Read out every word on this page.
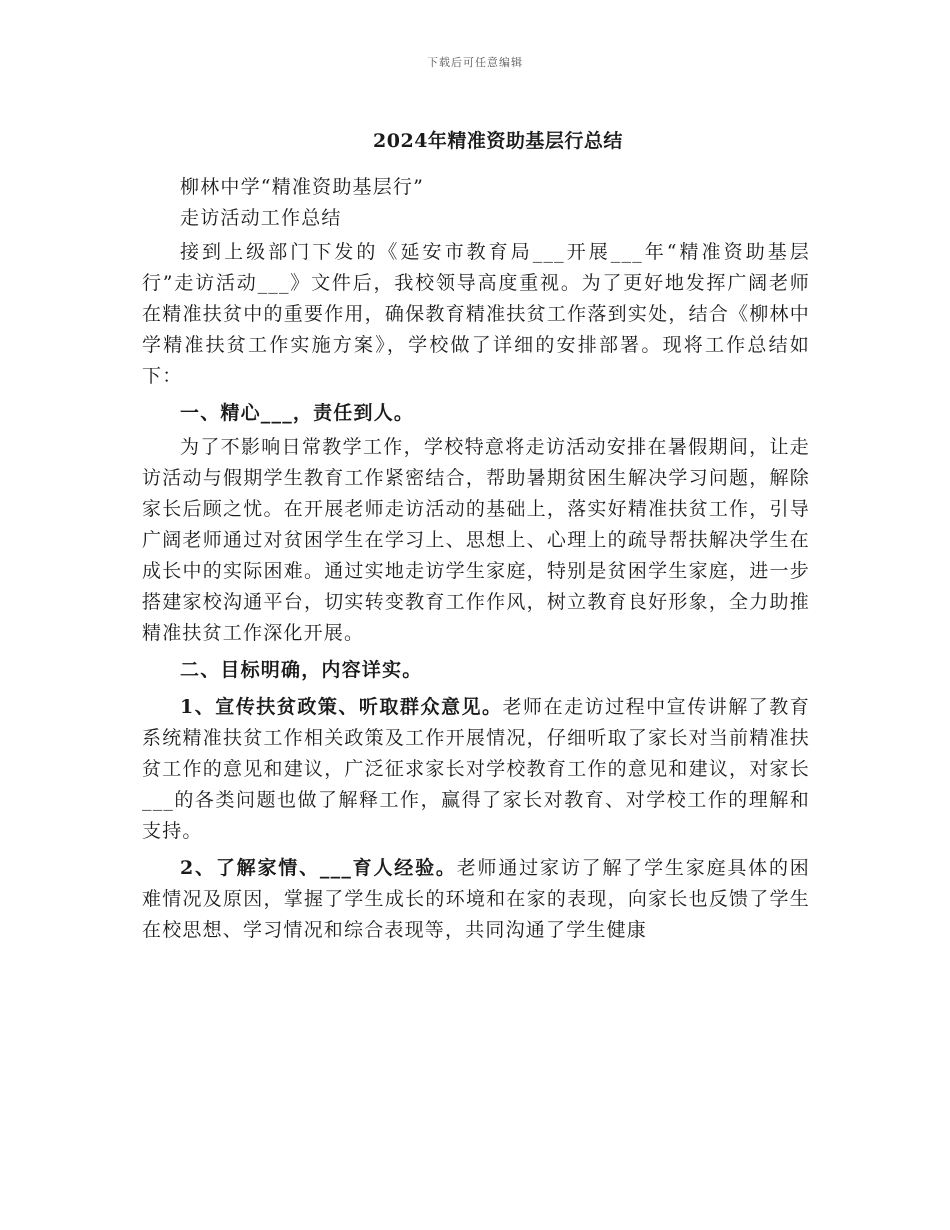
下载后可任意编辑
2024年精准资助基层行总结

柳林中学“精准资助基层行”

走访活动工作总结

接到上级部门下发的《延安市教育局___开展___年“精准资助基层行”走访活动___》文件后，我校领导高度重视。为了更好地发挥广阔老师在精准扶贫中的重要作用，确保教育精准扶贫工作落到实处，结合《柳林中学精准扶贫工作实施方案》，学校做了详细的安排部署。现将工作总结如下：

一、精心___，责任到人。

为了不影响日常教学工作，学校特意将走访活动安排在暑假期间，让走访活动与假期学生教育工作紧密结合，帮助暑期贫困生解决学习问题，解除家长后顾之忧。在开展老师走访活动的基础上，落实好精准扶贫工作，引导广阔老师通过对贫困学生在学习上、思想上、心理上的疏导帮扶解决学生在成长中的实际困难。通过实地走访学生家庭，特别是贫困学生家庭，进一步搭建家校沟通平台，切实转变教育工作作风，树立教育良好形象，全力助推精准扶贫工作深化开展。

二、目标明确，内容详实。

1、宣传扶贫政策、听取群众意见。老师在走访过程中宣传讲解了教育系统精准扶贫工作相关政策及工作开展情况，仔细听取了家长对当前精准扶贫工作的意见和建议，广泛征求家长对学校教育工作的意见和建议，对家长___的各类问题也做了解释工作，赢得了家长对教育、对学校工作的理解和支持。

2、了解家情、___育人经验。老师通过家访了解了学生家庭具体的困难情况及原因，掌握了学生成长的环境和在家的表现，向家长也反馈了学生在校思想、学习情况和综合表现等，共同沟通了学生健康
